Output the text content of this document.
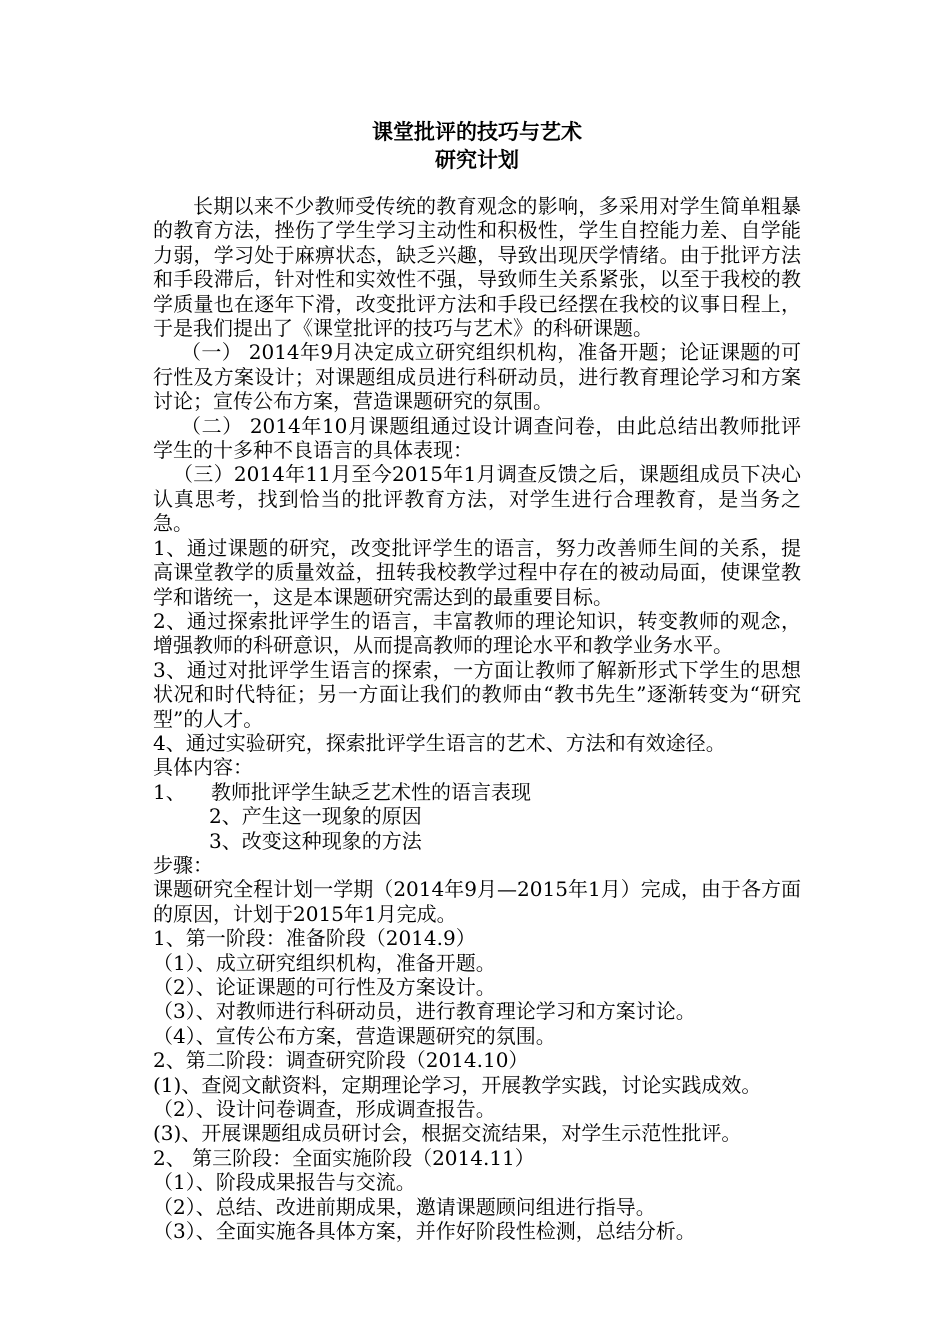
课堂批评的技巧与艺术
研究计划

长期以来不少教师受传统的教育观念的影响，多采用对学生简单粗暴的教育方法，挫伤了学生学习主动性和积极性，学生自控能力差、自学能力弱，学习处于麻痹状态，缺乏兴趣，导致出现厌学情绪。由于批评方法和手段滞后，针对性和实效性不强，导致师生关系紧张，以至于我校的教学质量也在逐年下滑，改变批评方法和手段已经摆在我校的议事日程上，于是我们提出了《课堂批评的技巧与艺术》的科研课题。

（一） 2014年9月决定成立研究组织机构，准备开题；论证课题的可行性及方案设计；对课题组成员进行科研动员，进行教育理论学习和方案讨论；宣传公布方案，营造课题研究的氛围。

（二） 2014年10月课题组通过设计调查问卷，由此总结出教师批评学生的十多种不良语言的具体表现：

（三）2014年11月至今2015年1月调查反馈之后，课题组成员下决心认真思考，找到恰当的批评教育方法，对学生进行合理教育，是当务之急。

1、通过课题的研究，改变批评学生的语言，努力改善师生间的关系，提高课堂教学的质量效益，扭转我校教学过程中存在的被动局面，使课堂教学和谐统一，这是本课题研究需达到的最重要目标。

2、通过探索批评学生的语言，丰富教师的理论知识，转变教师的观念，增强教师的科研意识，从而提高教师的理论水平和教学业务水平。

3、通过对批评学生语言的探索，一方面让教师了解新形式下学生的思想状况和时代特征；另一方面让我们的教师由“教书先生”逐渐转变为“研究型”的人才。

4、通过实验研究，探索批评学生语言的艺术、方法和有效途径。

具体内容：

1、	教师批评学生缺乏艺术性的语言表现

2、产生这一现象的原因

3、改变这种现象的方法

步骤：

课题研究全程计划一学期（2014年9月—2015年1月）完成，由于各方面的原因，计划于2015年1月完成。

1、第一阶段：准备阶段（2014.9）

（1）、成立研究组织机构，准备开题。

（2）、论证课题的可行性及方案设计。

（3）、对教师进行科研动员，进行教育理论学习和方案讨论。

（4）、宣传公布方案，营造课题研究的氛围。

2、第二阶段：调查研究阶段（2014.10）

(1)、查阅文献资料，定期理论学习，开展教学实践，讨论实践成效。

（2）、设计问卷调查，形成调查报告。

(3)、开展课题组成员研讨会，根据交流结果，对学生示范性批评。

2、 第三阶段：全面实施阶段（2014.11）

（1）、阶段成果报告与交流。

（2）、总结、改进前期成果，邀请课题顾问组进行指导。

（3）、全面实施各具体方案，并作好阶段性检测，总结分析。
